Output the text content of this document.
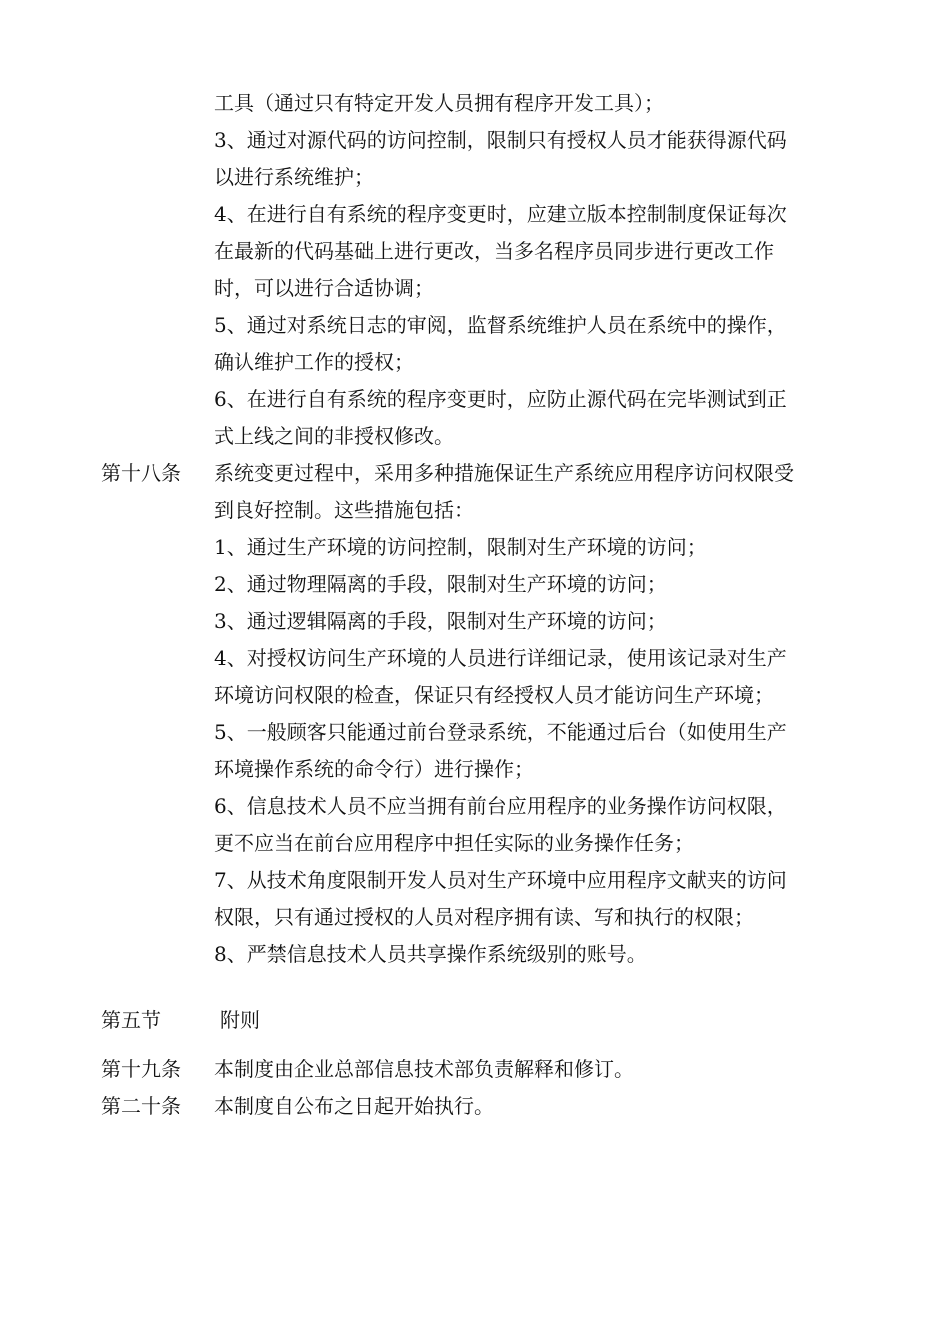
工具（通过只有特定开发人员拥有程序开发工具）；
3、通过对源代码的访问控制，限制只有授权人员才能获得源代码
以进行系统维护；
4、在进行自有系统的程序变更时，应建立版本控制制度保证每次
在最新的代码基础上进行更改，当多名程序员同步进行更改工作
时，可以进行合适协调；
5、通过对系统日志的审阅，监督系统维护人员在系统中的操作，
确认维护工作的授权；
6、在进行自有系统的程序变更时，应防止源代码在完毕测试到正
式上线之间的非授权修改。
第十八条 系统变更过程中，采用多种措施保证生产系统应用程序访问权限受
到良好控制。这些措施包括：
1、通过生产环境的访问控制，限制对生产环境的访问；
2、通过物理隔离的手段，限制对生产环境的访问；
3、通过逻辑隔离的手段，限制对生产环境的访问；
4、对授权访问生产环境的人员进行详细记录，使用该记录对生产
环境访问权限的检查，保证只有经授权人员才能访问生产环境；
5、一般顾客只能通过前台登录系统，不能通过后台（如使用生产
环境操作系统的命令行）进行操作；
6、信息技术人员不应当拥有前台应用程序的业务操作访问权限，
更不应当在前台应用程序中担任实际的业务操作任务；
7、从技术角度限制开发人员对生产环境中应用程序文献夹的访问
权限，只有通过授权的人员对程序拥有读、写和执行的权限；
8、严禁信息技术人员共享操作系统级别的账号。
第五节	附则
第十九条 本制度由企业总部信息技术部负责解释和修订。
第二十条 本制度自公布之日起开始执行。
